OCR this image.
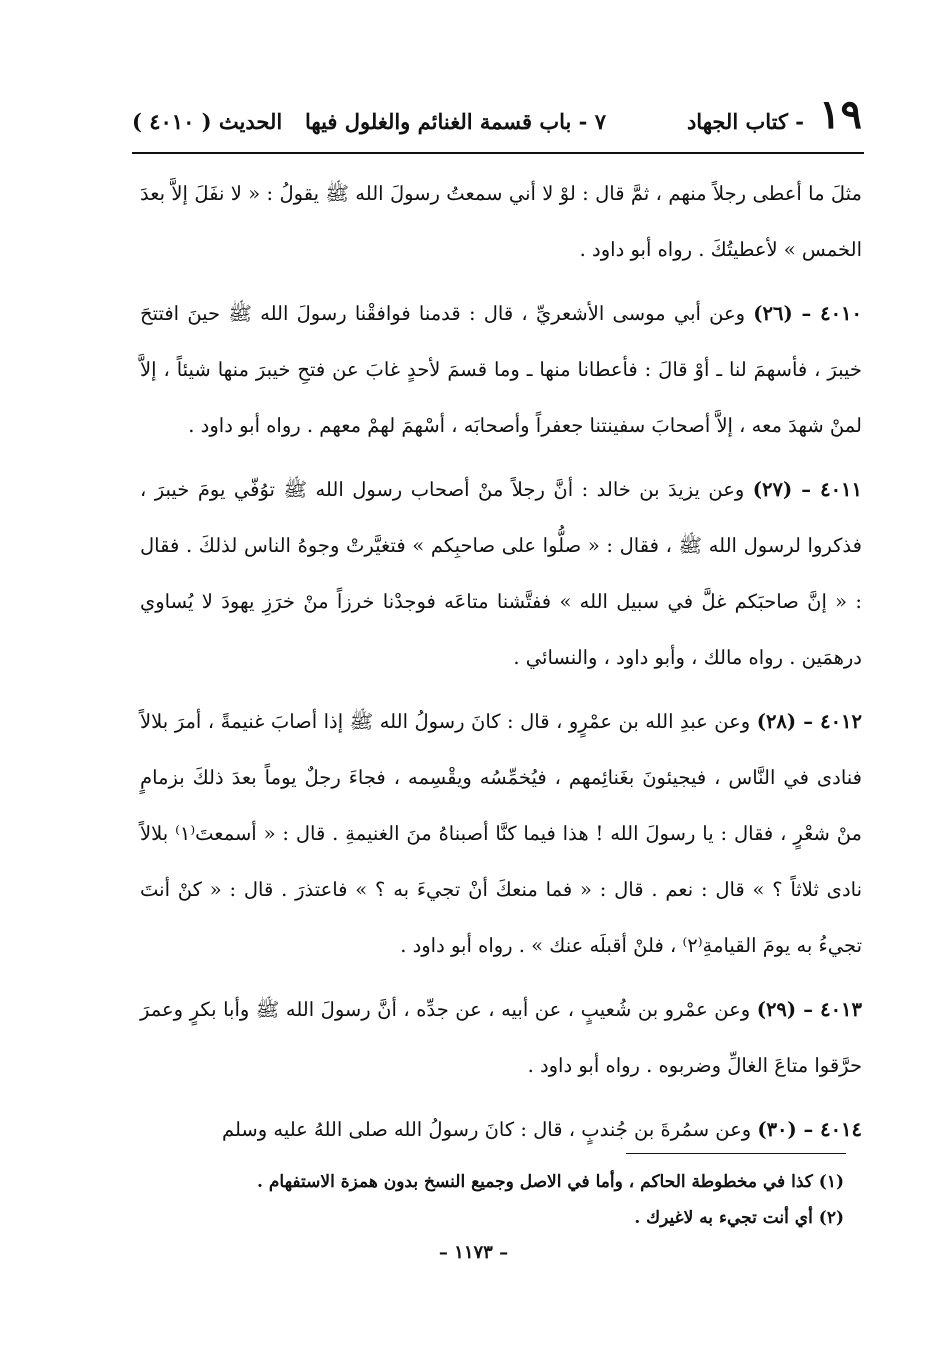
١٩
- كتاب الجهاد
٧ - باب قسمة الغنائم والغلول فيها
الحديث ( ٤٠١٠ )

مثلَ ما أعطى رجلاً منهم ، ثمَّ قال : لوْ لا أني سمعتُ رسولَ الله ﷺ يقولُ : « لا نفَلَ إلاَّ بعدَ الخمس » لأعطيتُكَ . رواه أبو داود .

٤٠١٠ – (٢٦) وعن أبي موسى الأشعريِّ ، قال : قدمنا فوافقْنا رسولَ الله ﷺ حينَ افتتحَ خيبرَ ، فأسهمَ لنا ـ أوْ قالَ : فأعطانا منها ـ وما قسمَ لأحدٍ غابَ عن فتحِ خيبرَ منها شيئاً ، إلاَّ لمنْ شهدَ معه ، إلاَّ أصحابَ سفينتنا جعفراً وأصحابَه ، أسْهمَ لهمْ معهم . رواه أبو داود .

٤٠١١ – (٢٧) وعن يزيدَ بن خالد : أنَّ رجلاً منْ أصحاب رسول الله ﷺ توُفّي يومَ خيبرَ ، فذكروا لرسول الله ﷺ ، فقال : « صلُّوا على صاحبِكم » فتغيَّرتْ وجوهُ الناس لذلكَ . فقال : « إنَّ صاحبَكم غلَّ في سبيل الله » ففتَّشنا متاعَه فوجدْنا خرزاً منْ خرَزِ يهودَ لا يُساوي درهمَين . رواه مالك ، وأبو داود ، والنسائي .

٤٠١٢ – (٢٨) وعن عبدِ الله بن عمْرٍو ، قال : كانَ رسولُ الله ﷺ إذا أصابَ غنيمةً ، أمرَ بلالاً فنادى في النَّاس ، فيجيئونَ بغَنائِمهم ، فيُخمِّسُه ويقْسِمه ، فجاءَ رجلٌ يوماً بعدَ ذلكَ بزمامٍ منْ شعْرٍ ، فقال : يا رسولَ الله ! هذا فيما كنَّا أصبناهُ منَ الغنيمةِ . قال : « أسمعتَ⁽١⁾ بلالاً نادى ثلاثاً ؟ » قال : نعم . قال : « فما منعكَ أنْ تجيءَ به ؟ » فاعتذرَ . قال : « كنْ أنتَ تجيءُ به يومَ القيامةِ⁽٢⁾ ، فلنْ أقبلَه عنك » . رواه أبو داود .

٤٠١٣ – (٢٩) وعن عمْرو بن شُعيبٍ ، عن أبيه ، عن جدِّه ، أنَّ رسولَ الله ﷺ وأبا بكرٍ وعمرَ حرَّقوا متاعَ الغالِّ وضربوه . رواه أبو داود .

٤٠١٤ – (٣٠) وعن سمُرةَ بن جُندبٍ ، قال : كانَ رسولُ الله صلى اللهُ عليه وسلم

(١) كذا في مخطوطة الحاكم ، وأما في الاصل وجميع النسخ بدون همزة الاستفهام .

(٢) أي أنت تجيء به لاغيرك .

– ١١٧٣ –
